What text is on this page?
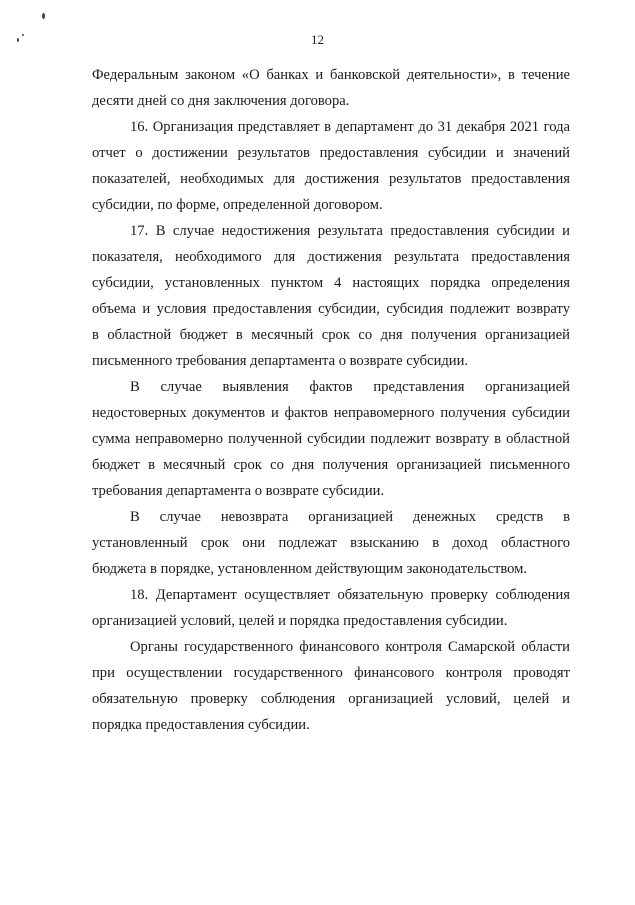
12
Федеральным законом «О банках и банковской деятельности», в течение
десяти дней со дня заключения договора.
16. Организация представляет в департамент до 31 декабря 2021 года
отчет о достижении результатов предоставления субсидии и значений
показателей, необходимых для достижения результатов предоставления
субсидии, по форме, определенной договором.
17. В случае недостижения результата предоставления субсидии и
показателя, необходимого для достижения результата предоставления
субсидии, установленных пунктом 4 настоящих порядка определения
объема и условия предоставления субсидии, субсидия подлежит возврату
в областной бюджет в месячный срок со дня получения организацией
письменного требования департамента о возврате субсидии.
В случае выявления фактов представления организацией
недостоверных документов и фактов неправомерного получения субсидии
сумма неправомерно полученной субсидии подлежит возврату в областной
бюджет в месячный срок со дня получения организацией письменного
требования департамента о возврате субсидии.
В случае невозврата организацией денежных средств в
установленный срок они подлежат взысканию в доход областного
бюджета в порядке, установленном действующим законодательством.
18. Департамент осуществляет обязательную проверку соблюдения
организацией условий, целей и порядка предоставления субсидии.
Органы государственного финансового контроля Самарской области
при осуществлении государственного финансового контроля проводят
обязательную проверку соблюдения организацией условий, целей и
порядка предоставления субсидии.
